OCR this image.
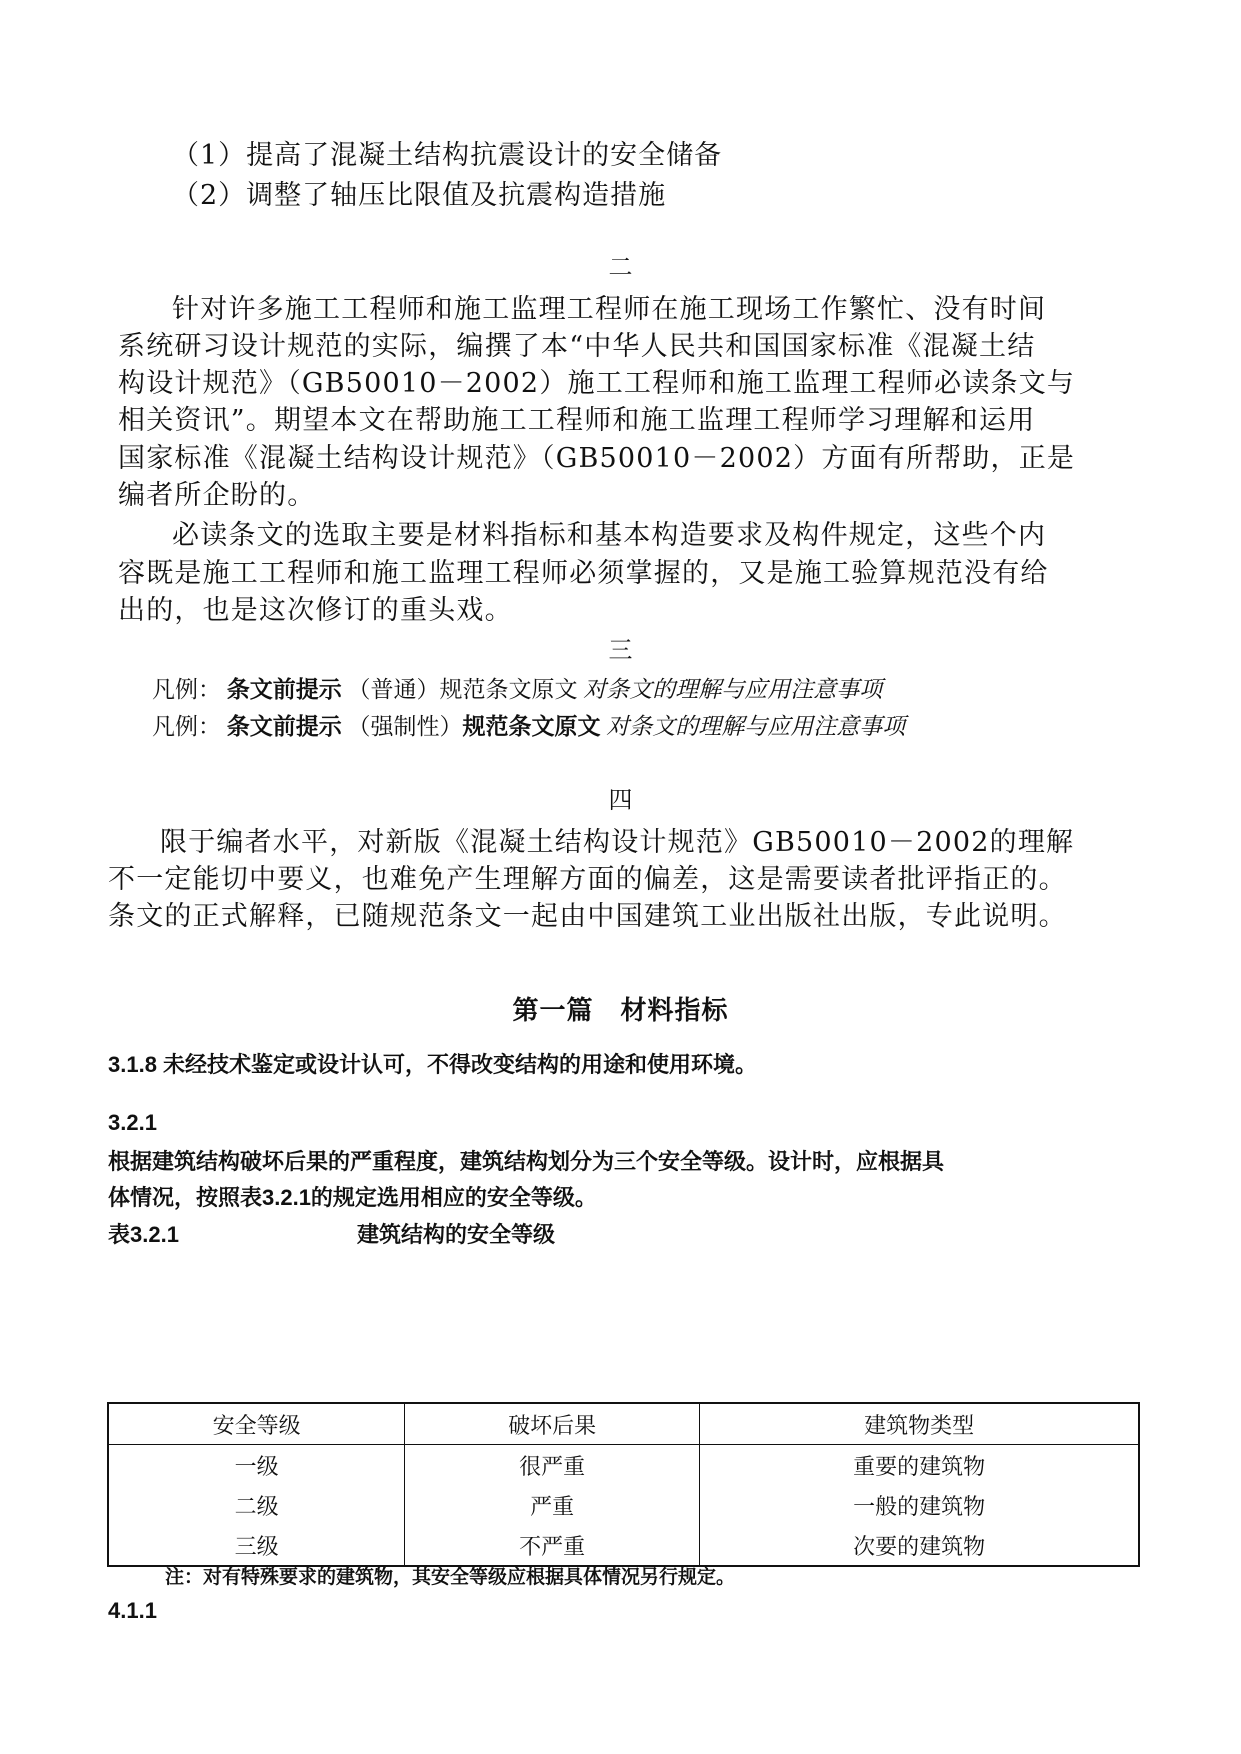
（1）提高了混凝土结构抗震设计的安全储备
（2）调整了轴压比限值及抗震构造措施
二
针对许多施工工程师和施工监理工程师在施工现场工作繁忙、没有时间
系统研习设计规范的实际，编撰了本“中华人民共和国国家标准《混凝土结
构设计规范》（GB50010－2002）施工工程师和施工监理工程师必读条文与
相关资讯”。期望本文在帮助施工工程师和施工监理工程师学习理解和运用
国家标准《混凝土结构设计规范》（GB50010－2002）方面有所帮助，正是
编者所企盼的。
必读条文的选取主要是材料指标和基本构造要求及构件规定，这些个内
容既是施工工程师和施工监理工程师必须掌握的，又是施工验算规范没有给
出的，也是这次修订的重头戏。
三
凡例： 条文前提示 （普通）规范条文原文 对条文的理解与应用注意事项
凡例： 条文前提示 （强制性）规范条文原文 对条文的理解与应用注意事项
四
限于编者水平，对新版《混凝土结构设计规范》GB50010－2002的理解
不一定能切中要义，也难免产生理解方面的偏差，这是需要读者批评指正的。
条文的正式解释，已随规范条文一起由中国建筑工业出版社出版，专此说明。
第一篇　材料指标
3.1.8 未经技术鉴定或设计认可，不得改变结构的用途和使用环境。
3.2.1
根据建筑结构破坏后果的严重程度，建筑结构划分为三个安全等级。设计时，应根据具
体情况，按照表3.2.1的规定选用相应的安全等级。
表3.2.1	建筑结构的安全等级
安全等级	破坏后果	建筑物类型
一级	很严重	重要的建筑物
二级	严重	一般的建筑物
三级	不严重	次要的建筑物
注：对有特殊要求的建筑物，其安全等级应根据具体情况另行规定。
4.1.1
